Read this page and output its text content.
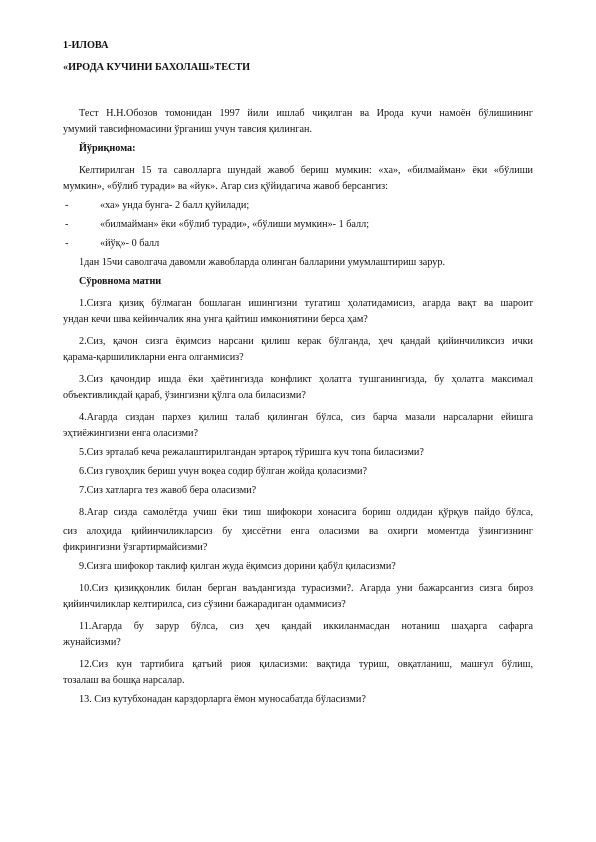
1-ИЛОВА
«ИРОДА КУЧИНИ БАХОЛАШ»ТЕСТИ
Тест Н.Н.Обозов томонидан 1997 йили ишлаб чиқилган ва Ирода кучи намоён бўлишининг
умумий тавсифномасини ўрганиш учун тавсия қилинган.
Йўриқнома:
Келтирилган 15 та саволларга шундай жавоб бериш мумкин: «ха», «билмайман» ёки «бўлиши
мумкин», «бўлиб туради» ва «йук». Агар сиз қўйидагича жавоб берсангиз:
-	«ха» унда бунга- 2 балл қуйилади;
-	«билмайман» ёки «бўлиб туради», «бўлиши мумкин»- 1 балл;
-	«йўқ»- 0 балл
1дан 15чи саволгача давомли жавобларда олинган балларини умумлаштириш зарур.
Сўровнома матни
1.Сизга қизиқ бўлмаган бошлаган ишингизни тугатиш ҳолатидамисиз, агарда вақт ва шароит
ундан кечи шва кейинчалик яна унга қайтиш имкониятини берса ҳам?
2.Сиз, қачон сизга ёқимсиз нарсани қилиш керак бўлганда, ҳеч қандай қийинчиликсиз ички
қарама-қаршиликларни енга олганмисиз?
3.Сиз қачондир ишда ёки ҳаётингизда конфликт ҳолатга тушганингизда, бу ҳолатга максимал
объективликдай қараб, ўзингизни қўлга ола биласизми?
4.Агарда сиздан пархез қилиш талаб қилинган бўлса, сиз барча мазали нарсаларни ейишга
эҳтиёжингизни енга оласизми?
5.Сиз эрталаб кеча режалаштирилгандан эртароқ тўришга куч топа биласизми?
6.Сиз гувоҳлик бериш учун воқеа содир бўлган жойда қоласизми?
7.Сиз хатларга тез жавоб бера оласизми?
8.Агар сизда самолётда учиш ёки тиш шифокори хонасига бориш олдидан қўрқув пайдо бўлса,
сиз алоҳида қийинчиликларсиз бу ҳиссётни енга оласизми ва охирги моментда ўзингизнинг
фикрингизни ўзгартирмайсизми?
9.Сизга шифокор таклиф қилган жуда ёқимсиз дорини қабўл қиласизми?
10.Сиз қизиққонлик билан берган ваъдангизда турасизми?. Агарда уни бажарсангиз сизга бироз
қийинчиликлар келтирилса, сиз сўзини бажарадиган одаммисиз?
11.Агарда бу зарур бўлса, сиз ҳеч қандай иккиланмасдан нотаниш шаҳарга сафарга
жунайсизми?
12.Сиз кун тартибига қатъий риоя қиласизми: вақтида туриш, овқатланиш, машғул бўлиш,
тозалаш ва бошқа нарсалар.
13. Сиз кутубхонадан карздорларга ёмон муносабатда бўласизми?
